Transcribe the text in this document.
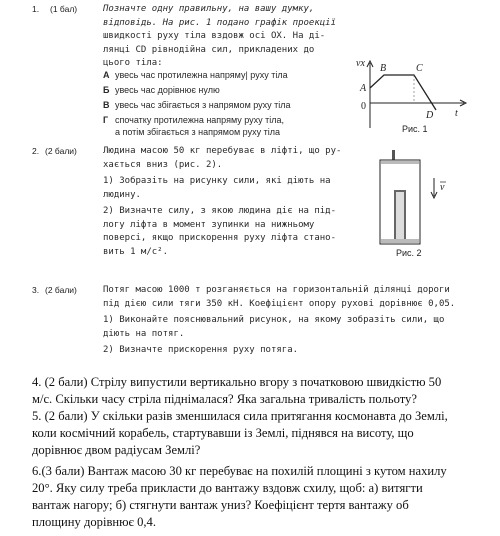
1. (1 бал)	Позначте одну правильну, на вашу думку,
відповідь. На рис. 1 подано графік проекції
швидкості руху тіла вздовж осі OX. На ді-
лянці CD рівнодійна сил, прикладених до
цього тіла:
А увесь час протилежна напряму| руху тіла
Б увесь час дорівнює нулю
В увесь час збігається з напрямом руху тіла
Г спочатку протилежна напряму руху тіла,
а потім збігається з напрямом руху тіла
vx
A
B	C
D
0
t
Рис. 1
2. (2 бали)	Людина масою 50 кг перебуває в ліфті, що ру-
хається вниз (рис. 2).
1) Зобразіть на рисунку сили, які діють на
людину.
2) Визначте силу, з якою людина діє на під-
логу ліфта в момент зупинки на нижньому
поверсі, якщо прискорення руху ліфта стано-
вить 1 м/с².
v
Рис. 2
3. (2 бали)	Потяг масою 1000 т розганяється на горизонтальній ділянці дороги
під дією сили тяги 350 кН. Коефіцієнт опору рухові дорівнює 0,05.
1) Виконайте пояснювальний рисунок, на якому зобразіть сили, що
діють на потяг.
2) Визначте прискорення руху потяга.
4. (2 бали) Стрілу випустили вертикально вгору з початковою швидкістю 50
м/с. Скільки часу стріла піднімалася? Яка загальна тривалість польоту?
5. (2 бали) У скільки разів зменшилася сила притягання космонавта до Землі,
коли космічний корабель, стартувавши із Землі, піднявся на висоту, що
дорівнює двом радіусам Землі?
6.(3 бали) Вантаж масою 30 кг перебуває на похилій площині з кутом нахилу
20°. Яку силу треба прикласти до вантажу вздовж схилу, щоб: а) витягти
вантаж нагору; б) стягнути вантаж униз? Коефіцієнт тертя вантажу об
площину дорівнює 0,4.
